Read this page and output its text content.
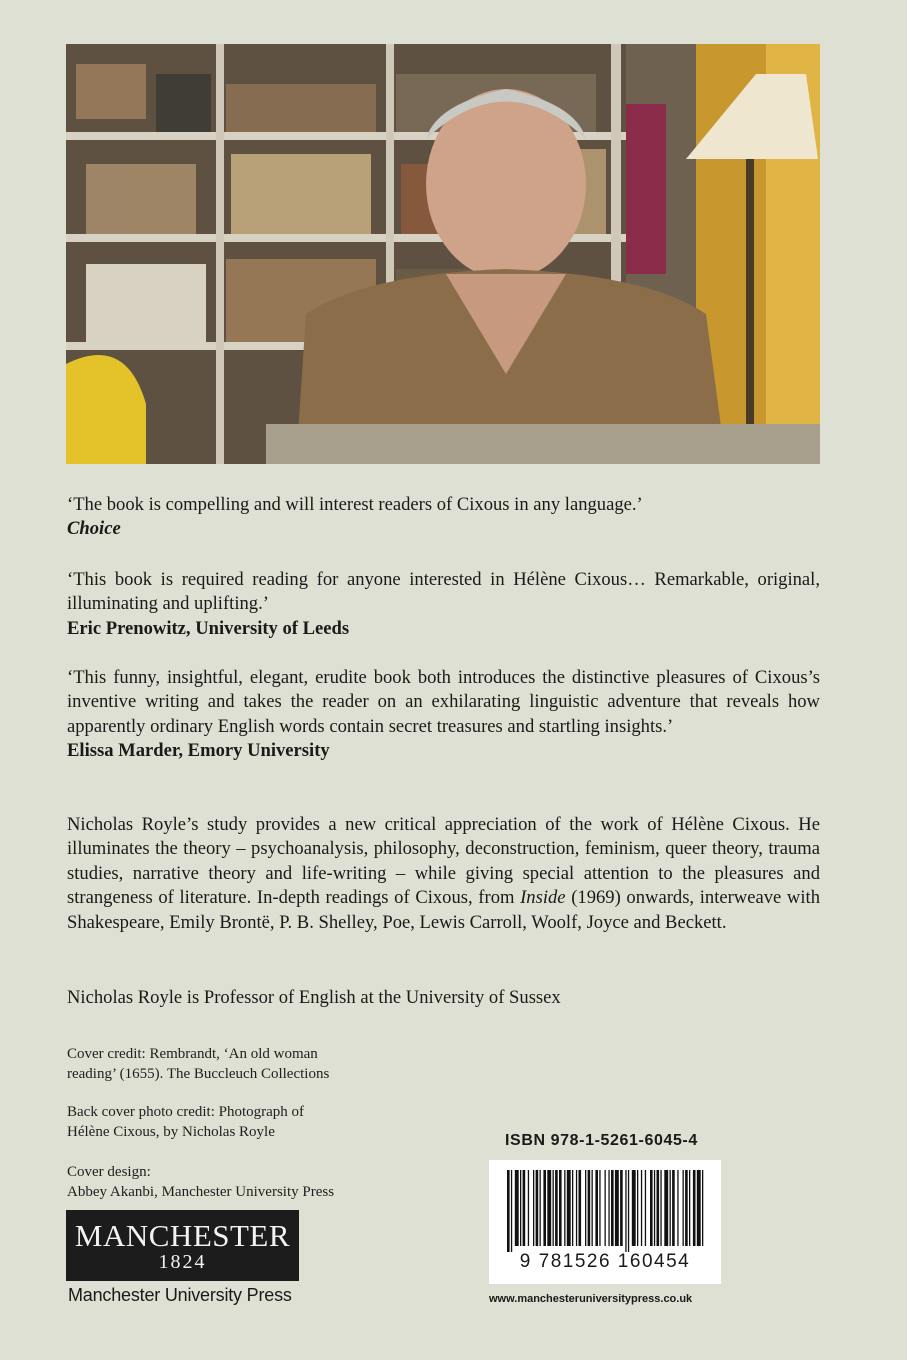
‘The book is compelling and will interest readers of Cixous in any language.’

Choice

‘This book is required reading for anyone interested in Hélène Cixous… Remarkable, original, illuminating and uplifting.’

Eric Prenowitz, University of Leeds

‘This funny, insightful, elegant, erudite book both introduces the distinctive pleasures of Cixous’s inventive writing and takes the reader on an exhilarating linguistic adventure that reveals how apparently ordinary English words contain secret treasures and startling insights.’

Elissa Marder, Emory University

Nicholas Royle’s study provides a new critical appreciation of the work of Hélène Cixous. He illuminates the theory – psychoanalysis, philosophy, deconstruction, feminism, queer theory, trauma studies, narrative theory and life-writing – while giving special attention to the pleasures and strangeness of literature. In-depth readings of Cixous, from Inside (1969) onwards, interweave with Shakespeare, Emily Brontë, P. B. Shelley, Poe, Lewis Carroll, Woolf, Joyce and Beckett.

Nicholas Royle is Professor of English at the University of Sussex

Cover credit: Rembrandt, ‘An old woman
reading’ (1655). The Buccleuch Collections
Back cover photo credit: Photograph of
Hélène Cixous, by Nicholas Royle
Cover design:
Abbey Akanbi, Manchester University Press
MANCHESTER
1824
Manchester University Press
ISBN 978-1-5261-6045-4
9 781526 160454
www.manchesteruniversitypress.co.uk
